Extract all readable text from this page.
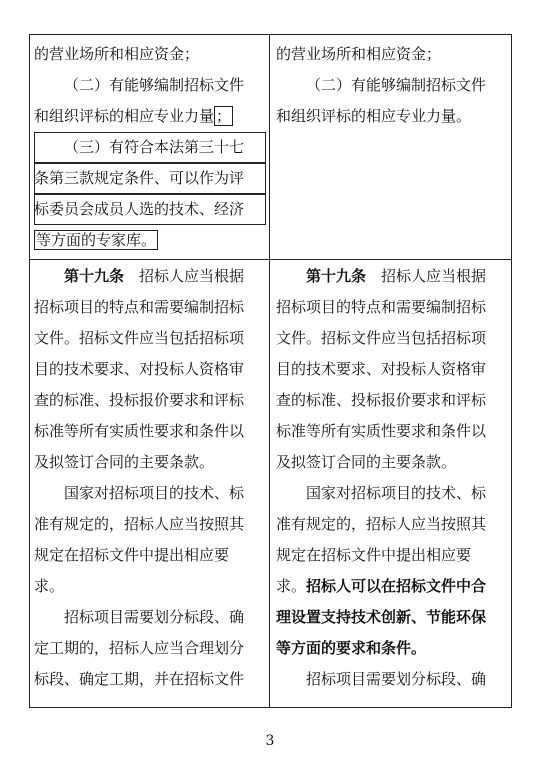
的营业场所和相应资金；
（二）有能够编制招标文件
和组织评标的相应专业力量 ；
（三）有符合本法第三十七
条第三款规定条件、可以作为评
标委员会成员人选的技术、经济
等方面的专家库。
的营业场所和相应资金；
（二）有能够编制招标文件
和组织评标的相应专业力量。
第十九条　招标人应当根据
招标项目的特点和需要编制招标
文件。招标文件应当包括招标项
目的技术要求、对投标人资格审
查的标准、投标报价要求和评标
标准等所有实质性要求和条件以
及拟签订合同的主要条款。
国家对招标项目的技术、标
准有规定的，招标人应当按照其
规定在招标文件中提出相应要
求。
招标项目需要划分标段、确
定工期的，招标人应当合理划分
标段、确定工期，并在招标文件
第十九条　招标人应当根据
招标项目的特点和需要编制招标
文件。招标文件应当包括招标项
目的技术要求、对投标人资格审
查的标准、投标报价要求和评标
标准等所有实质性要求和条件以
及拟签订合同的主要条款。
国家对招标项目的技术、标
准有规定的，招标人应当按照其
规定在招标文件中提出相应要
求。招标人可以在招标文件中合
理设置支持技术创新、节能环保
等方面的要求和条件。
招标项目需要划分标段、确
3
